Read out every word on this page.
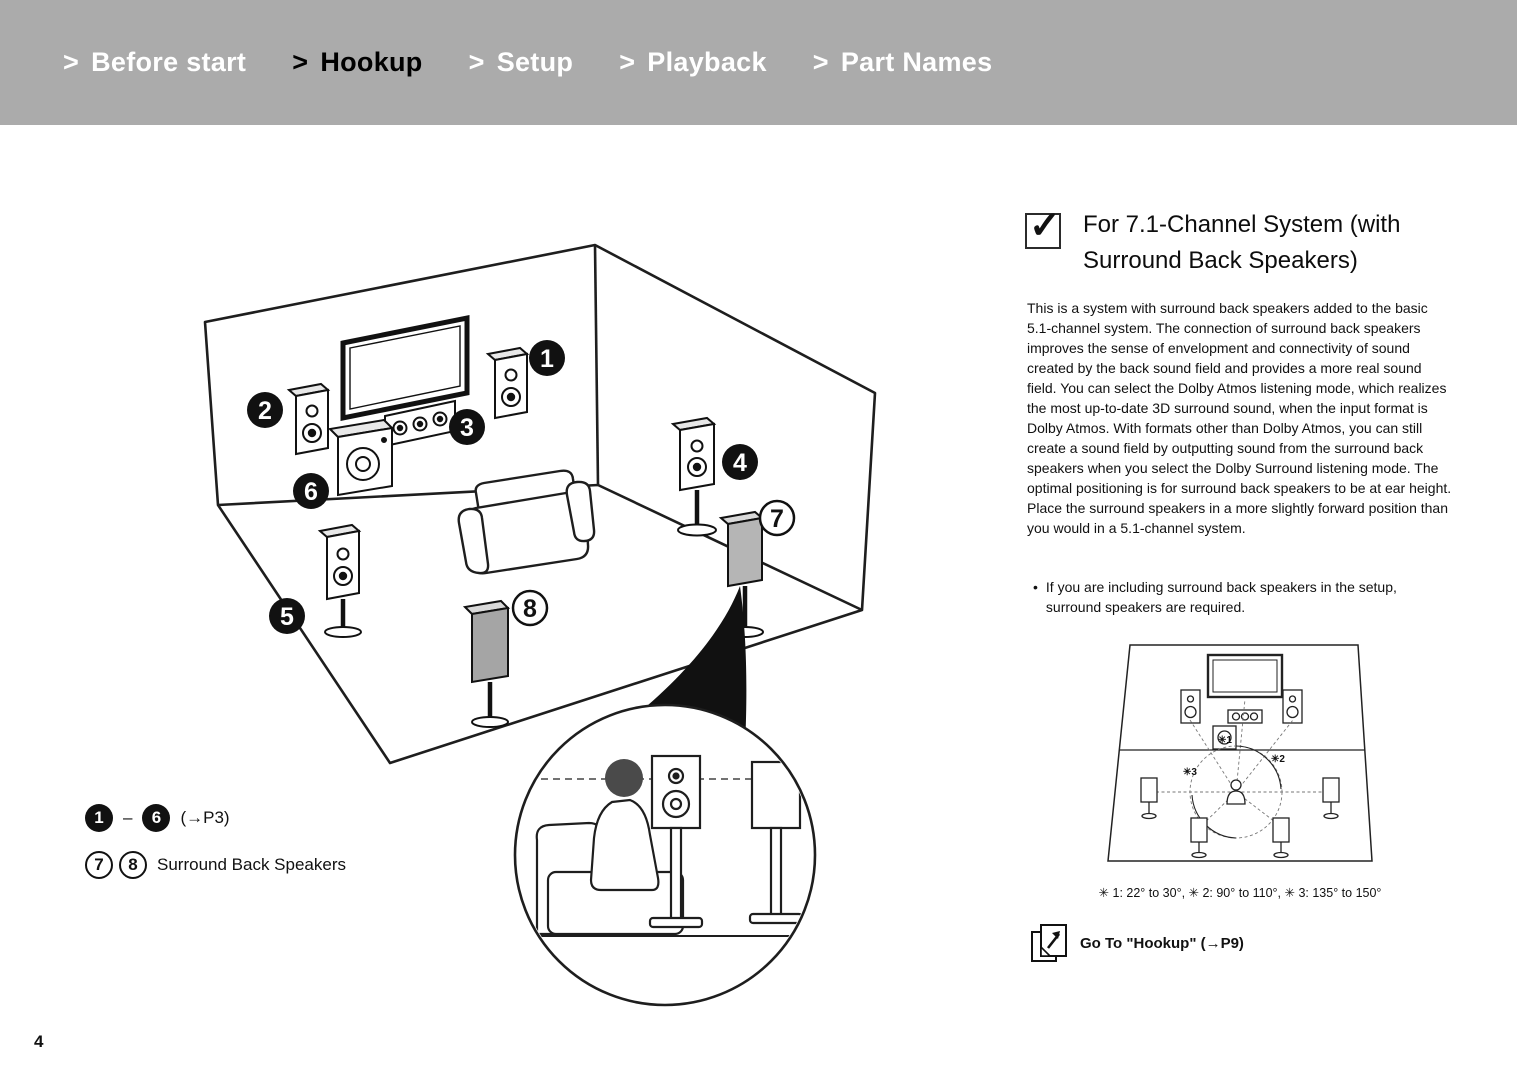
> Before start > Hookup > Setup > Playback > Part Names
1
2
3
4
5
6
7
8
1 – 6 (→P3)
7 8 Surround Back Speakers
✓ For 7.1-Channel System (with
Surround Back Speakers)
This is a system with surround back speakers added to the basic 5.1-channel system. The connection of surround back speakers improves the sense of envelopment and connectivity of sound created by the back sound field and provides a more real sound field. You can select the Dolby Atmos listening mode, which realizes the most up-to-date 3D surround sound, when the input format is Dolby Atmos. With formats other than Dolby Atmos, you can still create a sound field by outputting sound from the surround back speakers when you select the Dolby Surround listening mode. The optimal positioning is for surround back speakers to be at ear height. Place the surround speakers in a more slightly forward position than you would in a 5.1-channel system.
• If you are including surround back speakers in the setup, surround speakers are required.
✳1
✳2
✳3
✳ 1: 22° to 30°, ✳ 2: 90° to 110°, ✳ 3: 135° to 150°
Go To "Hookup" (→P9)
4
